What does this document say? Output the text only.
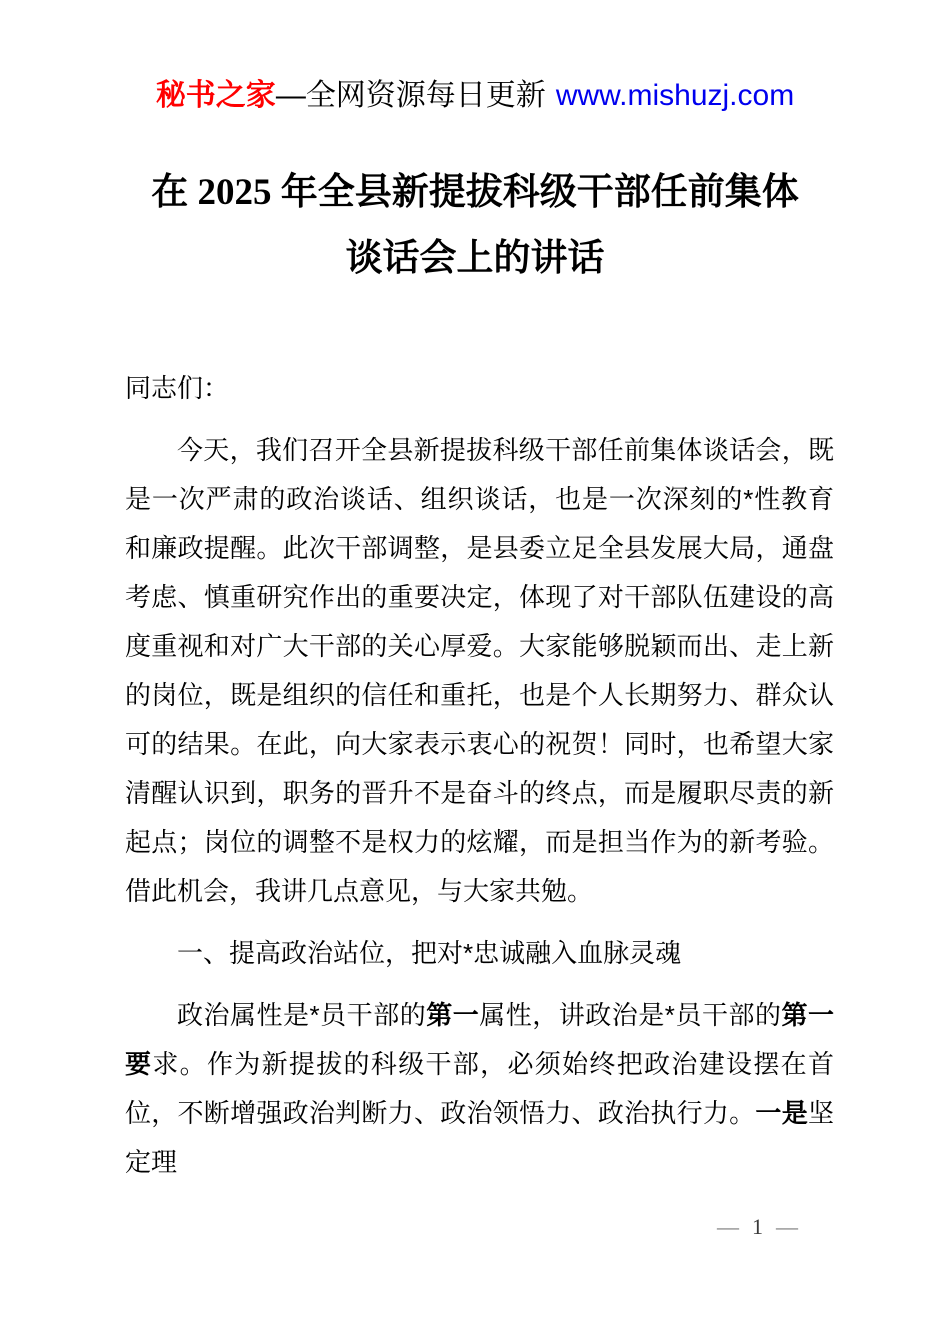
秘书之家—全网资源每日更新 www.mishuzj.com
在 2025 年全县新提拔科级干部任前集体
谈话会上的讲话

同志们：

今天，我们召开全县新提拔科级干部任前集体谈话会，既是一次严肃的政治谈话、组织谈话，也是一次深刻的*性教育和廉政提醒。此次干部调整，是县委立足全县发展大局，通盘考虑、慎重研究作出的重要决定，体现了对干部队伍建设的高度重视和对广大干部的关心厚爱。大家能够脱颖而出、走上新的岗位，既是组织的信任和重托，也是个人长期努力、群众认可的结果。在此，向大家表示衷心的祝贺！同时，也希望大家清醒认识到，职务的晋升不是奋斗的终点，而是履职尽责的新起点；岗位的调整不是权力的炫耀，而是担当作为的新考验。借此机会，我讲几点意见，与大家共勉。

一、提高政治站位，把对*忠诚融入血脉灵魂

政治属性是*员干部的第一属性，讲政治是*员干部的第一要求。作为新提拔的科级干部，必须始终把政治建设摆在首位，不断增强政治判断力、政治领悟力、政治执行力。一是坚定理

— 1 —
